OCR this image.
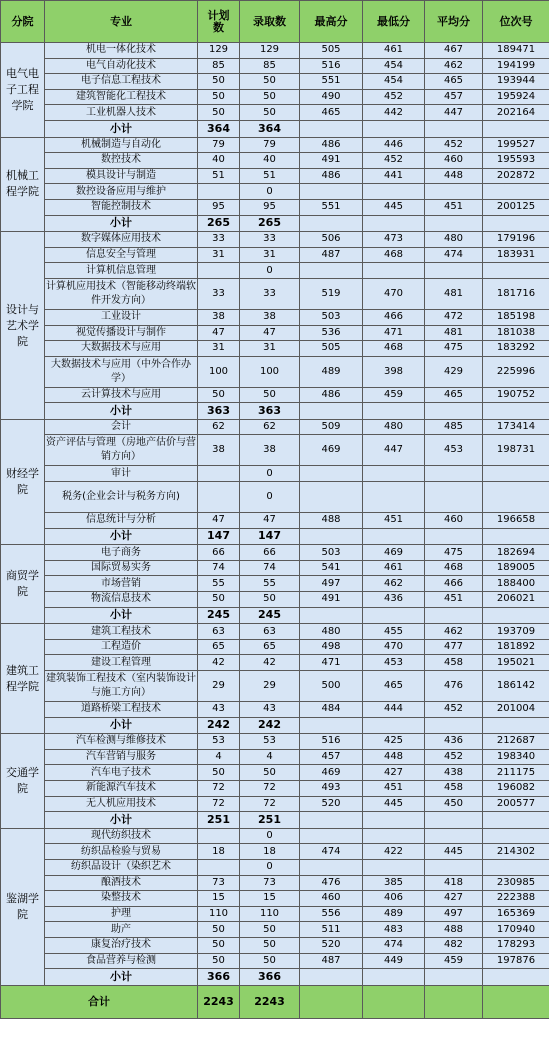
分院	专业	计划数	录取数	最高分	最低分	平均分	位次号
电气电子工程学院	机电一体化技术	129	129	505	461	467	189471
	电气自动化技术	85	85	516	454	462	194199
	电子信息工程技术	50	50	551	454	465	193944
	建筑智能化工程技术	50	50	490	452	457	195924
	工业机器人技术	50	50	465	442	447	202164
	小计	364	364				
机械工程学院	机械制造与自动化	79	79	486	446	452	199527
	数控技术	40	40	491	452	460	195593
	模具设计与制造	51	51	486	441	448	202872
	数控设备应用与维护		0				
	智能控制技术	95	95	551	445	451	200125
	小计	265	265				
设计与艺术学院	数字媒体应用技术	33	33	506	473	480	179196
	信息安全与管理	31	31	487	468	474	183931
	计算机信息管理		0				
	计算机应用技术（智能移动终端软件开发方向）	33	33	519	470	481	181716
	工业设计	38	38	503	466	472	185198
	视觉传播设计与制作	47	47	536	471	481	181038
	大数据技术与应用	31	31	505	468	475	183292
	大数据技术与应用（中外合作办学）	100	100	489	398	429	225996
	云计算技术与应用	50	50	486	459	465	190752
	小计	363	363				
财经学院	会计	62	62	509	480	485	173414
	资产评估与管理（房地产估价与营销方向）	38	38	469	447	453	198731
	审计		0				
	税务(企业会计与税务方向)		0				
	信息统计与分析	47	47	488	451	460	196658
	小计	147	147				
商贸学院	电子商务	66	66	503	469	475	182694
	国际贸易实务	74	74	541	461	468	189005
	市场营销	55	55	497	462	466	188400
	物流信息技术	50	50	491	436	451	206021
	小计	245	245				
建筑工程学院	建筑工程技术	63	63	480	455	462	193709
	工程造价	65	65	498	470	477	181892
	建设工程管理	42	42	471	453	458	195021
	建筑装饰工程技术（室内装饰设计与施工方向）	29	29	500	465	476	186142
	道路桥梁工程技术	43	43	484	444	452	201004
	小计	242	242				
交通学院	汽车检测与维修技术	53	53	516	425	436	212687
	汽车营销与服务	4	4	457	448	452	198340
	汽车电子技术	50	50	469	427	438	211175
	新能源汽车技术	72	72	493	451	458	196082
	无人机应用技术	72	72	520	445	450	200577
	小计	251	251				
鉴湖学院	现代纺织技术		0				
	纺织品检验与贸易	18	18	474	422	445	214302
	纺织品设计（染织艺术		0				
	酿酒技术	73	73	476	385	418	230985
	染整技术	15	15	460	406	427	222388
	护理	110	110	556	489	497	165369
	助产	50	50	511	483	488	170940
	康复治疗技术	50	50	520	474	482	178293
	食品营养与检测	50	50	487	449	459	197876
	小计	366	366				
合计		2243	2243				
